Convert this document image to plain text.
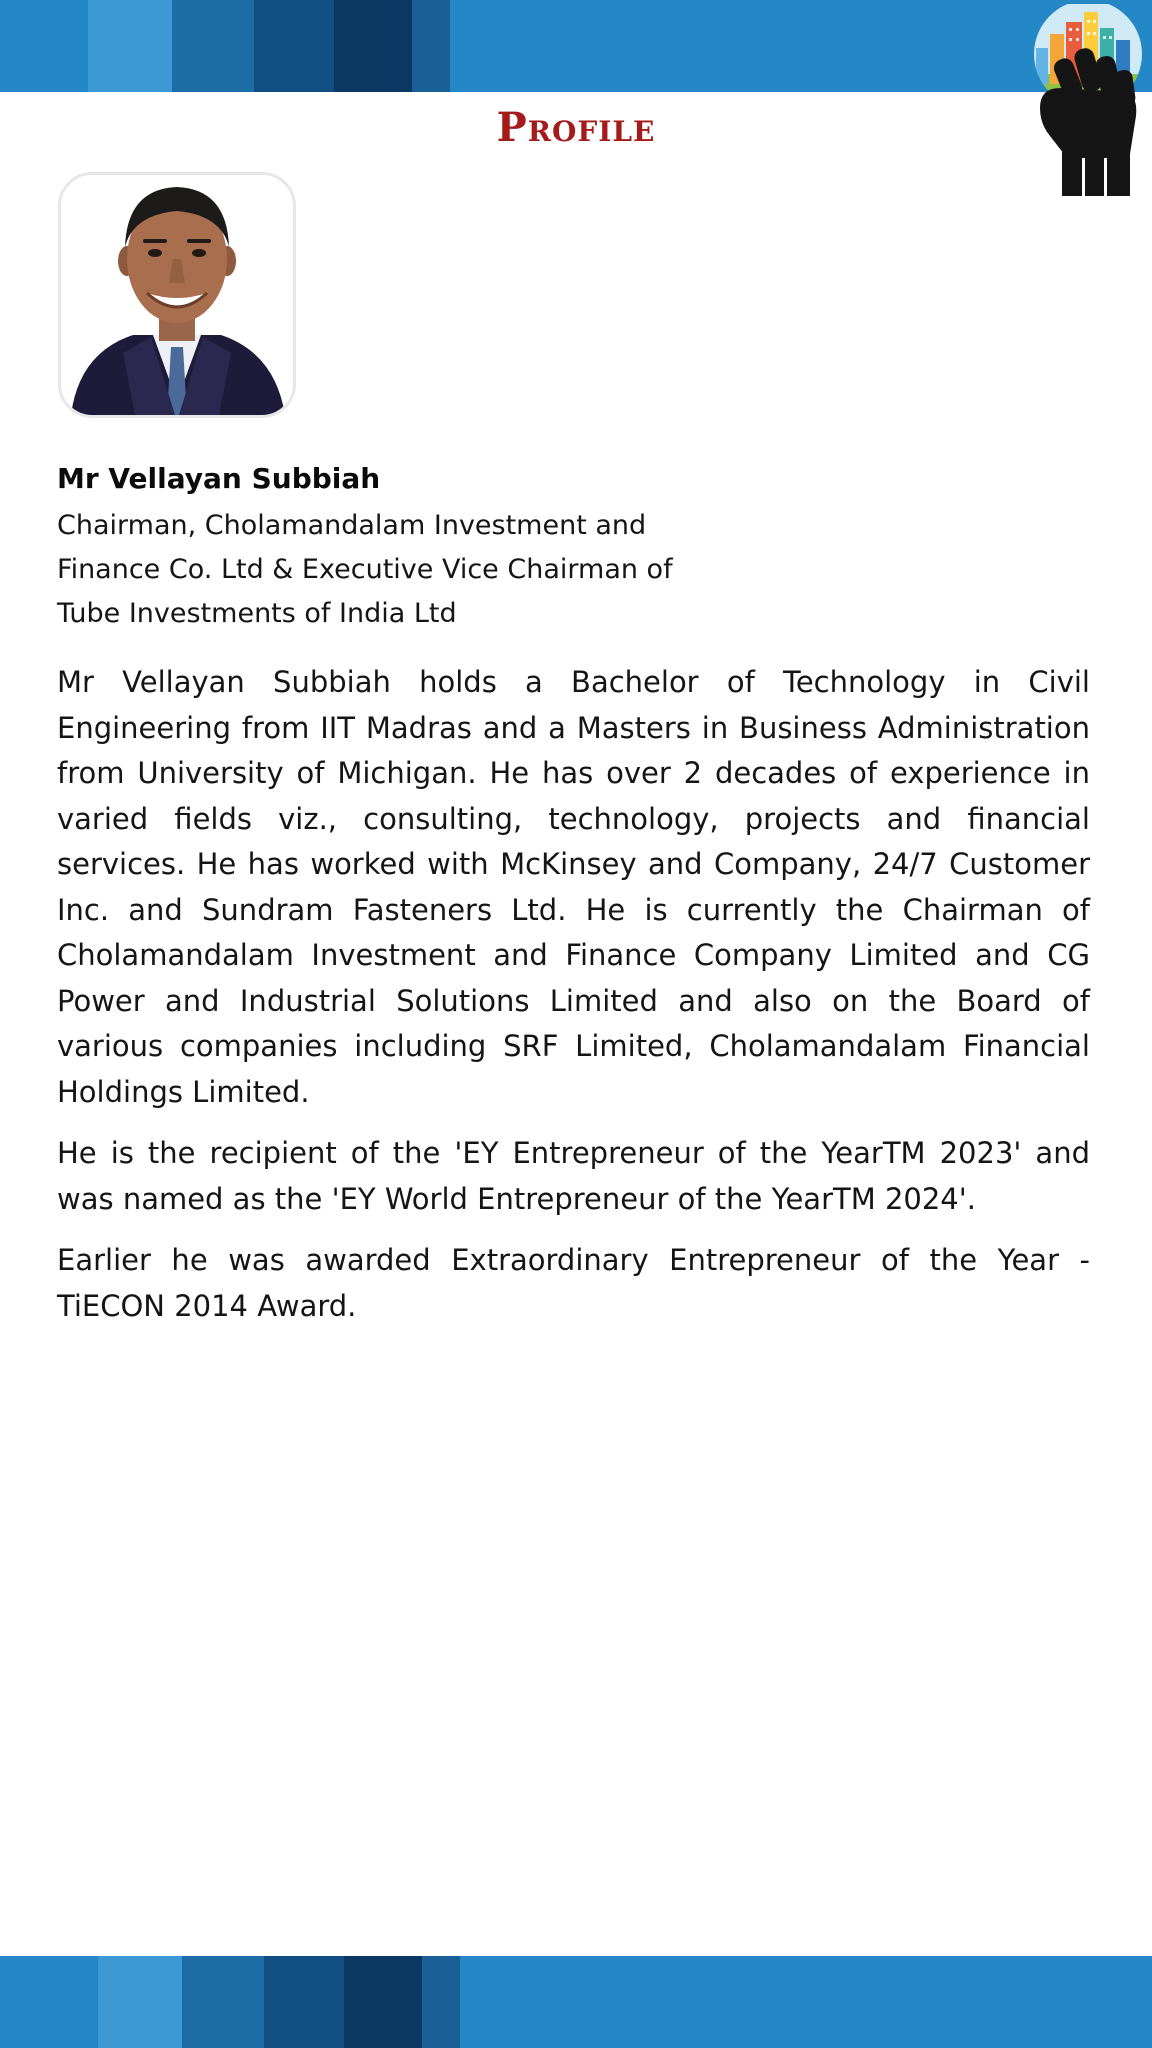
Profile
Mr Vellayan Subbiah

Chairman, Cholamandalam Investment and Finance Co. Ltd & Executive Vice Chairman of Tube Investments of India Ltd

Mr Vellayan Subbiah holds a Bachelor of Technology in Civil Engineering from IIT Madras and a Masters in Business Administration from University of Michigan. He has over 2 decades of experience in varied fields viz., consulting, technology, projects and financial services. He has worked with McKinsey and Company, 24/7 Customer Inc. and Sundram Fasteners Ltd. He is currently the Chairman of Cholamandalam Investment and Finance Company Limited and CG Power and Industrial Solutions Limited and also on the Board of various companies including SRF Limited, Cholamandalam Financial Holdings Limited.

He is the recipient of the 'EY Entrepreneur of the YearTM 2023' and was named as the 'EY World Entrepreneur of the YearTM 2024'.

Earlier he was awarded Extraordinary Entrepreneur of the Year - TiECON 2014 Award.
